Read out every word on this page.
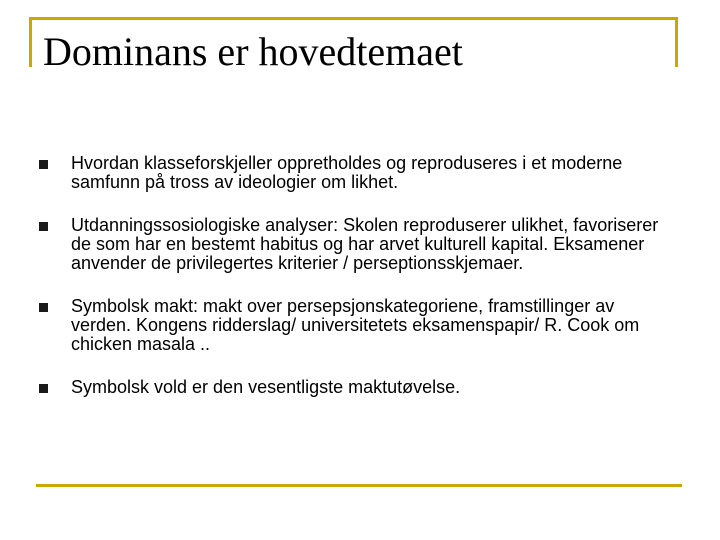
Dominans er hovedtemaet
Hvordan klasseforskjeller oppretholdes og reproduseres i et moderne samfunn på tross av ideologier om likhet.
Utdanningssosiologiske analyser: Skolen reproduserer ulikhet, favoriserer de som har en bestemt habitus og har arvet kulturell kapital. Eksamener anvender de privilegertes kriterier / perseptionsskjemaer.
Symbolsk makt: makt over persepsjonskategoriene, framstillinger av verden. Kongens ridderslag/ universitetets eksamenspapir/ R. Cook om chicken masala ..
Symbolsk vold er den vesentligste maktutøvelse.
